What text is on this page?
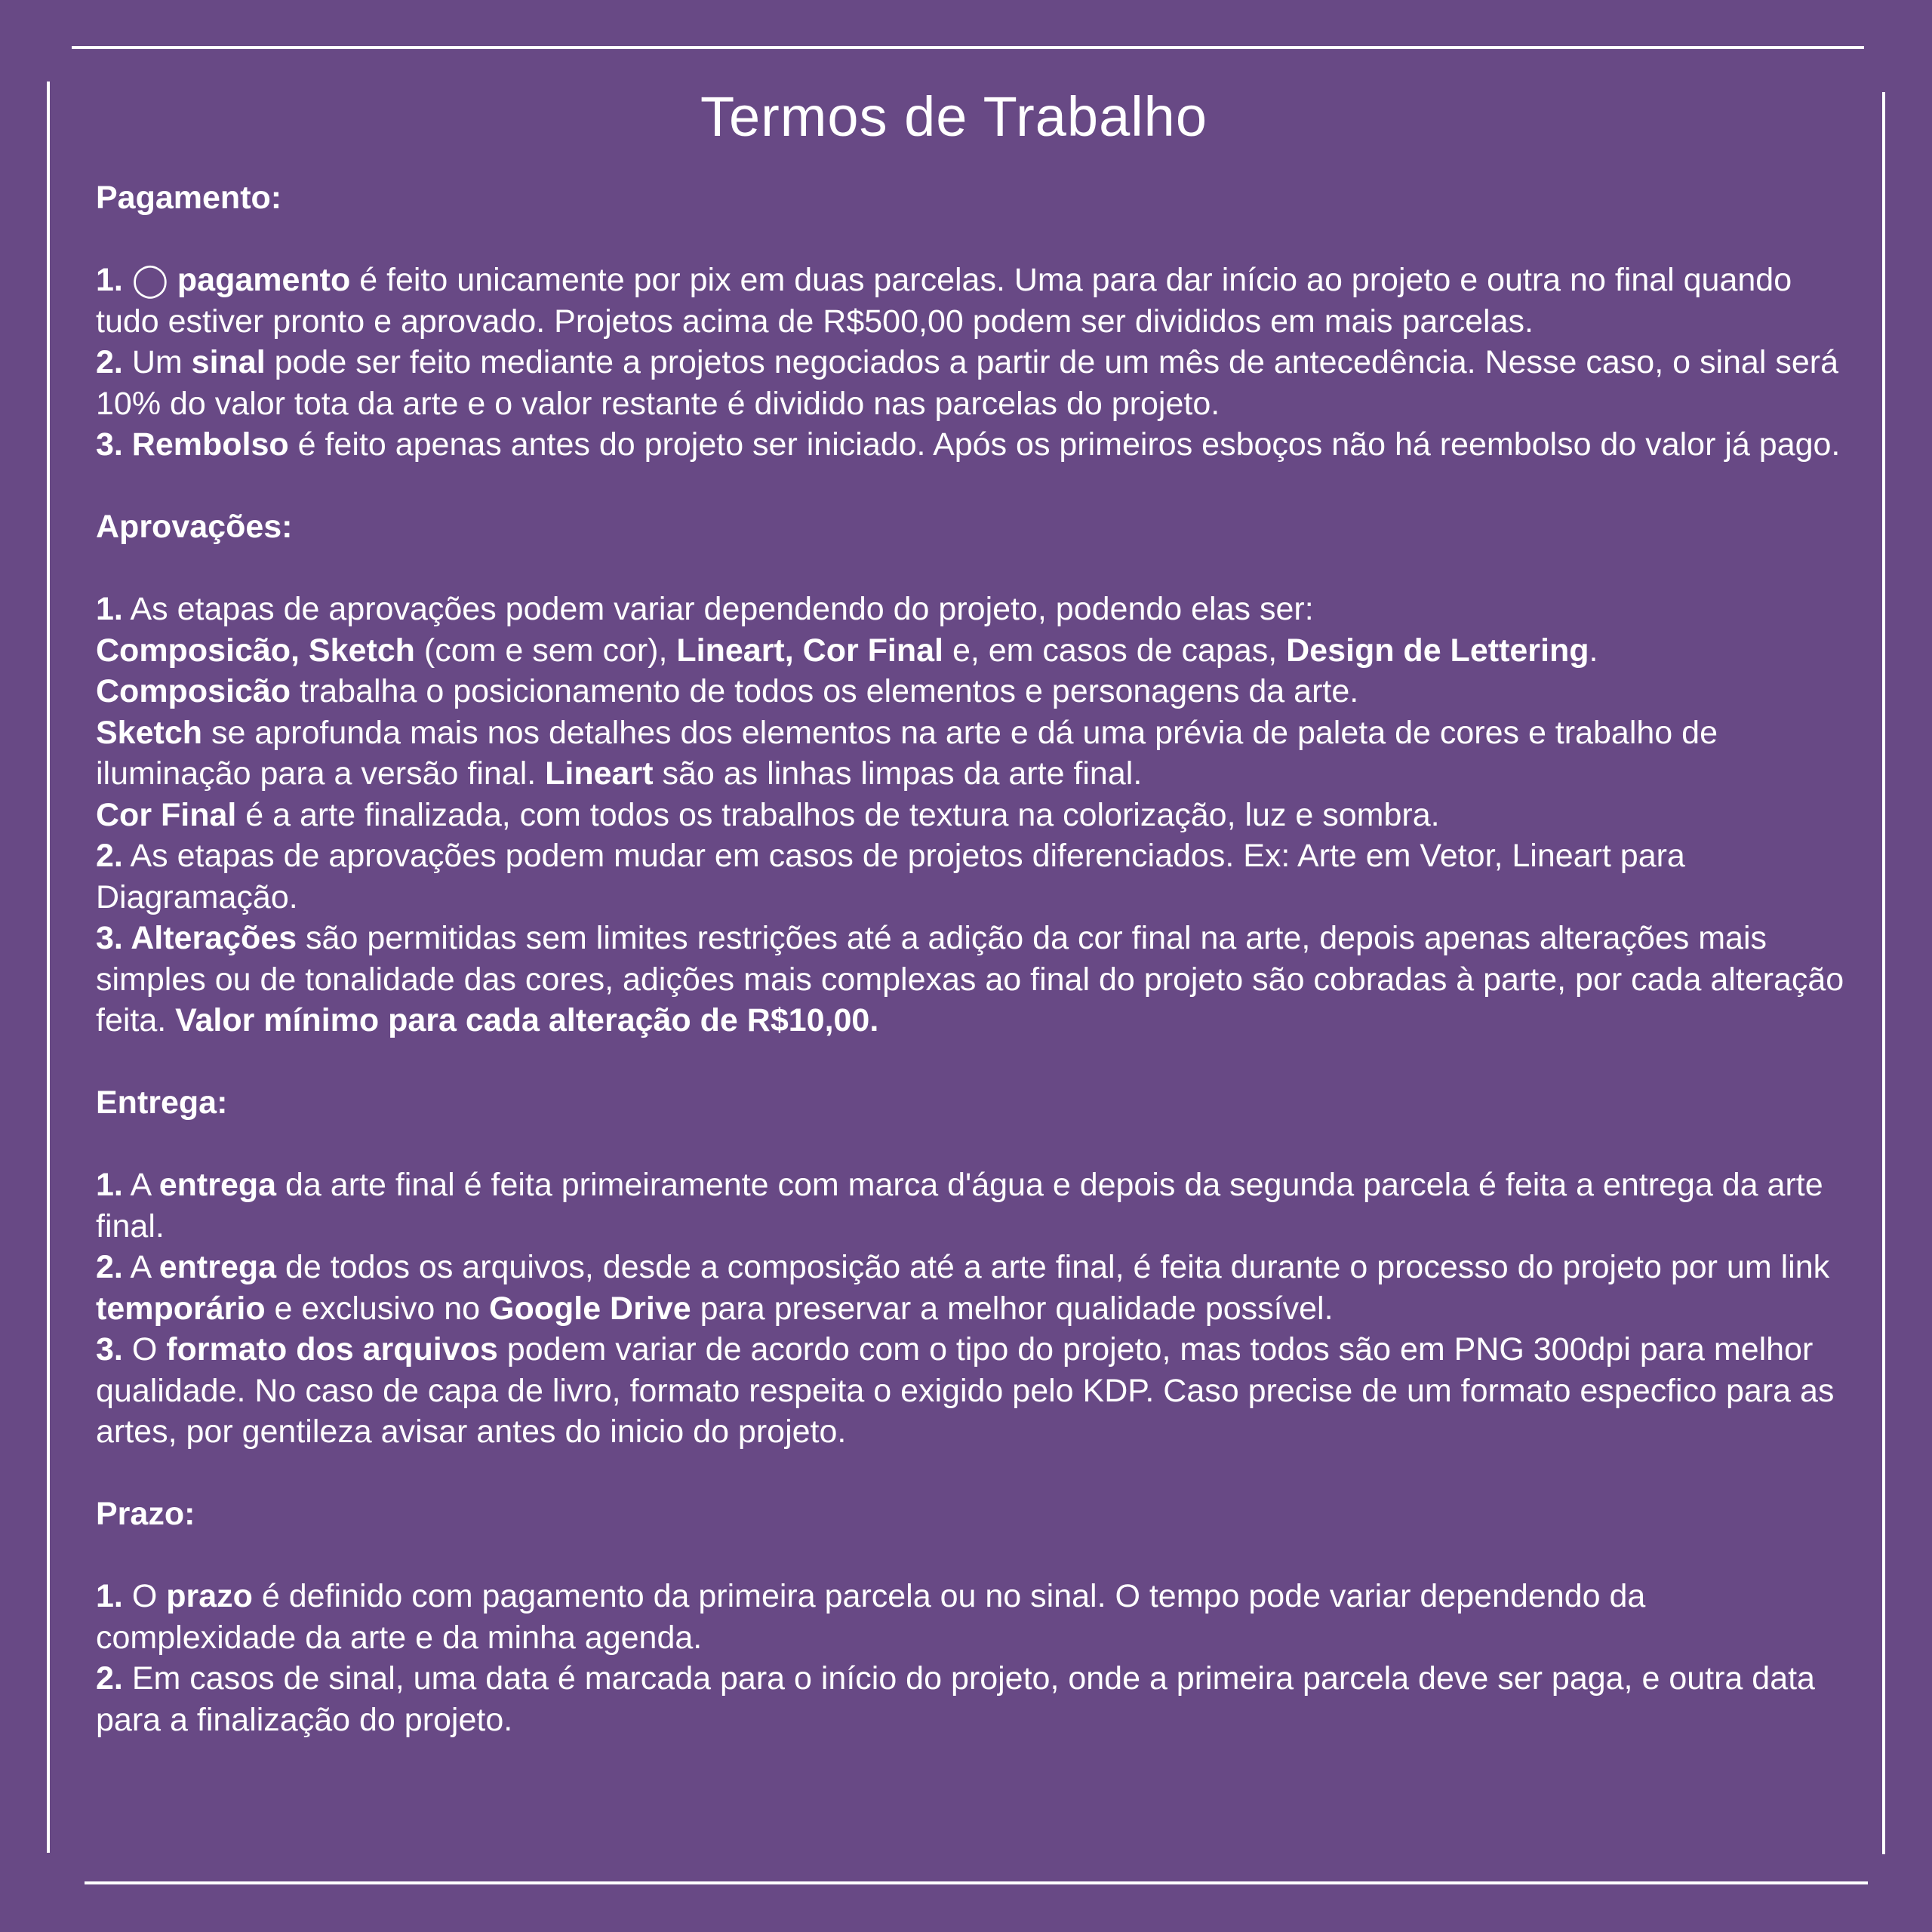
Termos de Trabalho

Pagamento:

1. ◯ pagamento é feito unicamente por pix em duas parcelas. Uma para dar início ao projeto e outra no final quando tudo estiver pronto e aprovado. Projetos acima de R$500,00 podem ser divididos em mais parcelas.

2. Um sinal pode ser feito mediante a projetos negociados a partir de um mês de antecedência. Nesse caso, o sinal será 10% do valor tota da arte e o valor restante é dividido nas parcelas do projeto.

3. Rembolso é feito apenas antes do projeto ser iniciado. Após os primeiros esboços não há reembolso do valor já pago.

Aprovações:

1. As etapas de aprovações podem variar dependendo do projeto, podendo elas ser:

Composicão, Sketch (com e sem cor), Lineart, Cor Final e, em casos de capas, Design de Lettering.

Composicão trabalha o posicionamento de todos os elementos e personagens da arte.

Sketch se aprofunda mais nos detalhes dos elementos na arte e dá uma prévia de paleta de cores e trabalho de iluminação para a versão final. Lineart são as linhas limpas da arte final.

Cor Final é a arte finalizada, com todos os trabalhos de textura na colorização, luz e sombra.

2. As etapas de aprovações podem mudar em casos de projetos diferenciados. Ex: Arte em Vetor, Lineart para Diagramação.

3. Alterações são permitidas sem limites restrições até a adição da cor final na arte, depois apenas alterações mais simples ou de tonalidade das cores, adições mais complexas ao final do projeto são cobradas à parte, por cada alteração feita. Valor mínimo para cada alteração de R$10,00.

Entrega:

1. A entrega da arte final é feita primeiramente com marca d'água e depois da segunda parcela é feita a entrega da arte final.

2. A entrega de todos os arquivos, desde a composição até a arte final, é feita durante o processo do projeto por um link temporário e exclusivo no Google Drive para preservar a melhor qualidade possível.

3. O formato dos arquivos podem variar de acordo com o tipo do projeto, mas todos são em PNG 300dpi para melhor qualidade. No caso de capa de livro, formato respeita o exigido pelo KDP. Caso precise de um formato especfico para as artes, por gentileza avisar antes do inicio do projeto.

Prazo:

1. O prazo é definido com pagamento da primeira parcela ou no sinal. O tempo pode variar dependendo da complexidade da arte e da minha agenda.

2. Em casos de sinal, uma data é marcada para o início do projeto, onde a primeira parcela deve ser paga, e outra data para a finalização do projeto.
